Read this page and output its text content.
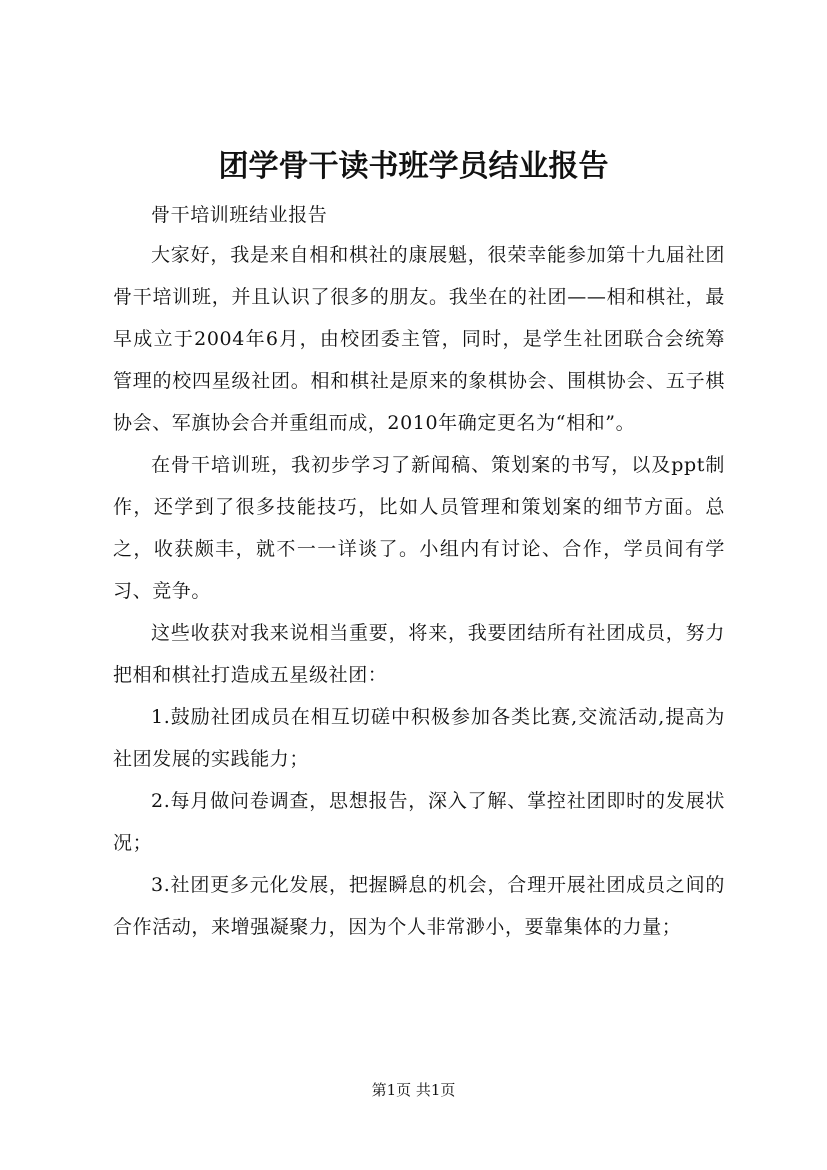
团学骨干读书班学员结业报告

骨干培训班结业报告

大家好，我是来自相和棋社的康展魁，很荣幸能参加第十九届社团骨干培训班，并且认识了很多的朋友。我坐在的社团——相和棋社，最早成立于2004年6月，由校团委主管，同时，是学生社团联合会统筹管理的校四星级社团。相和棋社是原来的象棋协会、围棋协会、五子棋协会、军旗协会合并重组而成，2010年确定更名为“相和”。

在骨干培训班，我初步学习了新闻稿、策划案的书写，以及ppt制作，还学到了很多技能技巧，比如人员管理和策划案的细节方面。总之，收获颇丰，就不一一详谈了。小组内有讨论、合作，学员间有学习、竞争。

这些收获对我来说相当重要，将来，我要团结所有社团成员，努力把相和棋社打造成五星级社团：

1.鼓励社团成员在相互切磋中积极参加各类比赛,交流活动,提高为社团发展的实践能力；

2.每月做问卷调查，思想报告，深入了解、掌控社团即时的发展状况；

3.社团更多元化发展，把握瞬息的机会，合理开展社团成员之间的合作活动，来增强凝聚力，因为个人非常渺小，要靠集体的力量；

第1页 共1页
